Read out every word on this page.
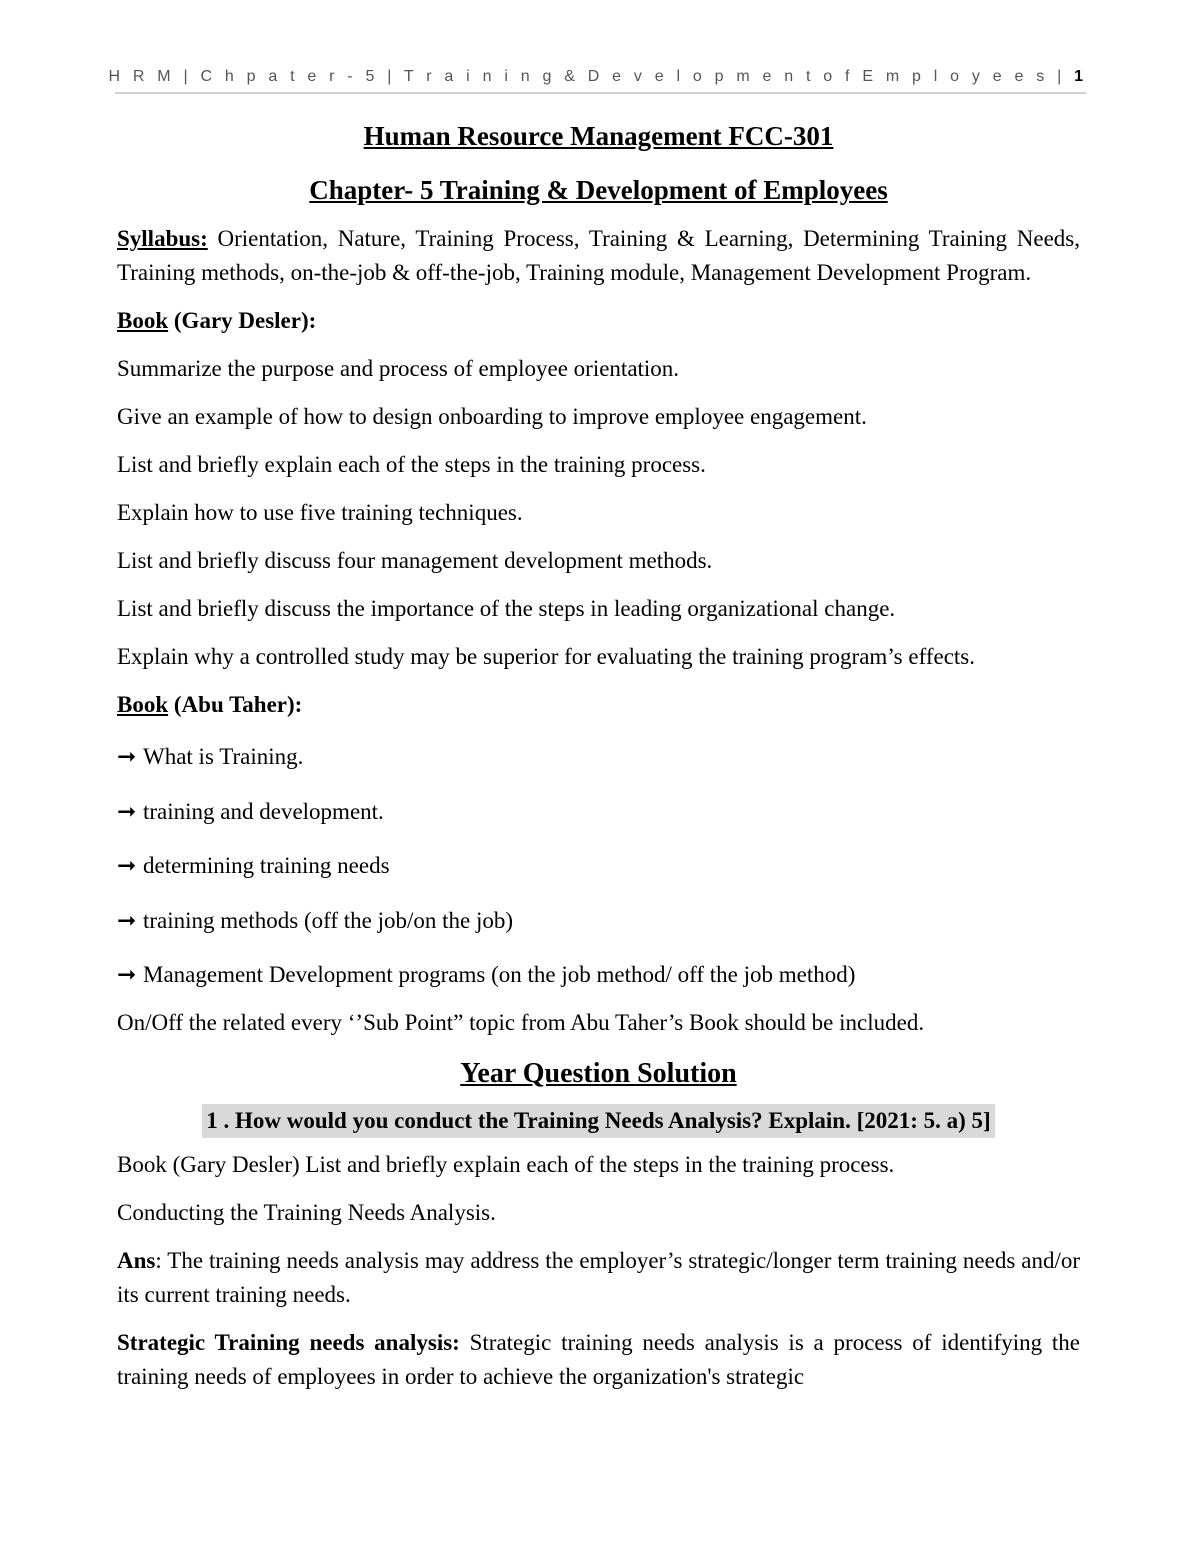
H R M | C h p a t e r - 5 | T r a i n i n g & D e v e l o p m e n t o f E m p l o y e e s | 1
Human Resource Management FCC-301
Chapter- 5 Training & Development of Employees

Syllabus: Orientation, Nature, Training Process, Training & Learning, Determining Training Needs, Training methods, on-the-job & off-the-job, Training module, Management Development Program.

Book (Gary Desler):

Summarize the purpose and process of employee orientation.

Give an example of how to design onboarding to improve employee engagement.

List and briefly explain each of the steps in the training process.

Explain how to use five training techniques.

List and briefly discuss four management development methods.

List and briefly discuss the importance of the steps in leading organizational change.

Explain why a controlled study may be superior for evaluating the training program’s effects.

Book (Abu Taher):

➞ What is Training.
➞ training and development.
➞ determining training needs
➞ training methods (off the job/on the job)
➞ Management Development programs (on the job method/ off the job method)

On/Off the related every ‘’Sub Point” topic from Abu Taher’s Book should be included.

Year Question Solution
1 . How would you conduct the Training Needs Analysis? Explain. [2021: 5. a) 5]

Book (Gary Desler) List and briefly explain each of the steps in the training process.

Conducting the Training Needs Analysis.

Ans: The training needs analysis may address the employer’s strategic/longer term training needs and/or its current training needs.

Strategic Training needs analysis: Strategic training needs analysis is a process of identifying the training needs of employees in order to achieve the organization's strategic
